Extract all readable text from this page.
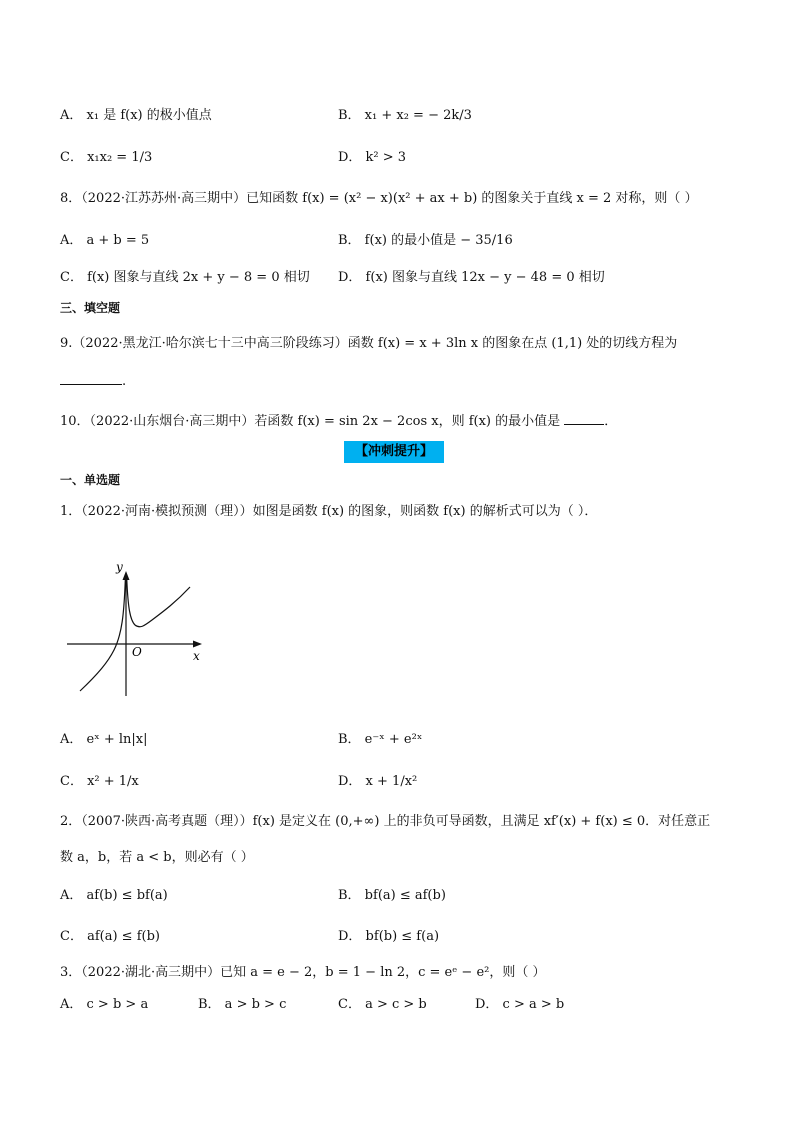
A． x₁ 是 f(x) 的极小值点	B． x₁ + x₂ = − 2k/3
C． x₁x₂ = 1/3	D． k² > 3
8．（2022·江苏苏州·高三期中）已知函数 f(x) = (x² − x)(x² + ax + b) 的图象关于直线 x = 2 对称，则（ ）
A． a + b = 5	B． f(x) 的最小值是 − 35/16
C． f(x) 图象与直线 2x + y − 8 = 0 相切 D． f(x) 图象与直线 12x − y − 48 = 0 相切
三、填空题
9.（2022·黑龙江·哈尔滨七十三中高三阶段练习）函数 f(x) = x + 3ln x 的图象在点 (1,1) 处的切线方程为
.
10．（2022·山东烟台·高三期中）若函数 f(x) = sin 2x − 2cos x，则 f(x) 的最小值是	．
【冲刺提升】
一、单选题
1．（2022·河南·模拟预测（理））如图是函数 f(x) 的图象，则函数 f(x) 的解析式可以为（ ）．
y
x
O
A． eˣ + ln|x|	B． e⁻ˣ + e²ˣ
C． x² + 1/x	D． x + 1/x²
2．（2007·陕西·高考真题（理））f(x) 是定义在 (0,+∞) 上的非负可导函数，且满足 xf′(x) + f(x) ≤ 0．对任意正
数 a，b，若 a < b，则必有（ ）
A． af(b) ≤ bf(a)	B． bf(a) ≤ af(b)
C． af(a) ≤ f(b)	D． bf(b) ≤ f(a)
3．（2022·湖北·高三期中）已知 a = e − 2，b = 1 − ln 2，c = eᵉ − e²，则（ ）
A． c > b > a	B． a > b > c	C． a > c > b	D． c > a > b
